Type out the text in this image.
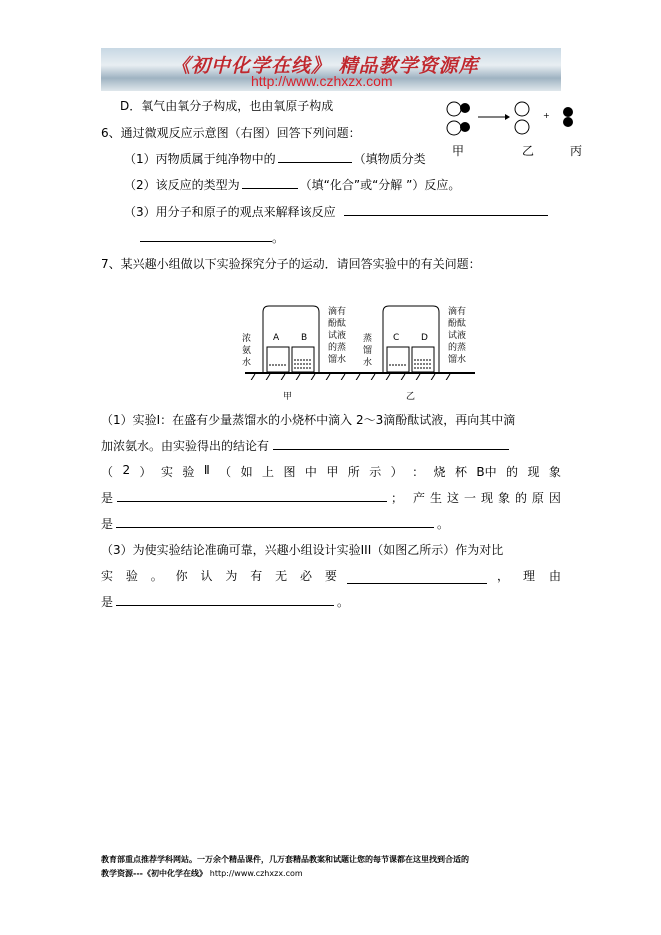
《初中化学在线》 精品教学资源库
http://www.czhxzx.com
D．氧气由氧分子构成，也由氧原子构成
+
甲	乙	丙
6、通过微观反应示意图（右图）回答下列问题：
（1）丙物质属于纯净物中的	（填物质分类
（2）该反应的类型为	（填“化合”或“分解 ”）反应。
（3）用分子和原子的观点来解释该反应
。
7、某兴趣小组做以下实验探究分子的运动．请回答实验中的有关问题：
浓氨水
A B
滴有酚酞试液的蒸馏水
蒸馏水
C D
滴有酚酞试液的蒸馏水
甲	乙
（1）实验Ⅰ：在盛有少量蒸馏水的小烧杯中滴入 2～3滴酚酞试液，再向其中滴
加浓氨水。由实验得出的结论有
（ 2 ） 实 验 Ⅱ （ 如 上 图 中 甲 所 示 ） ： 烧 杯 B中 的 现 象
是	； 产 生 这 一 现 象 的 原 因
是	。
（3）为使实验结论准确可靠，兴趣小组设计实验III（如图乙所示）作为对比
实 验 。 你 认 为 有 无 必 要	， 理 由
是	。
教育部重点推荐学科网站。一万余个精品课件，几万套精品教案和试题让您的每节课都在这里找到合适的
教学资源---《初中化学在线》 http://www.czhxzx.com
